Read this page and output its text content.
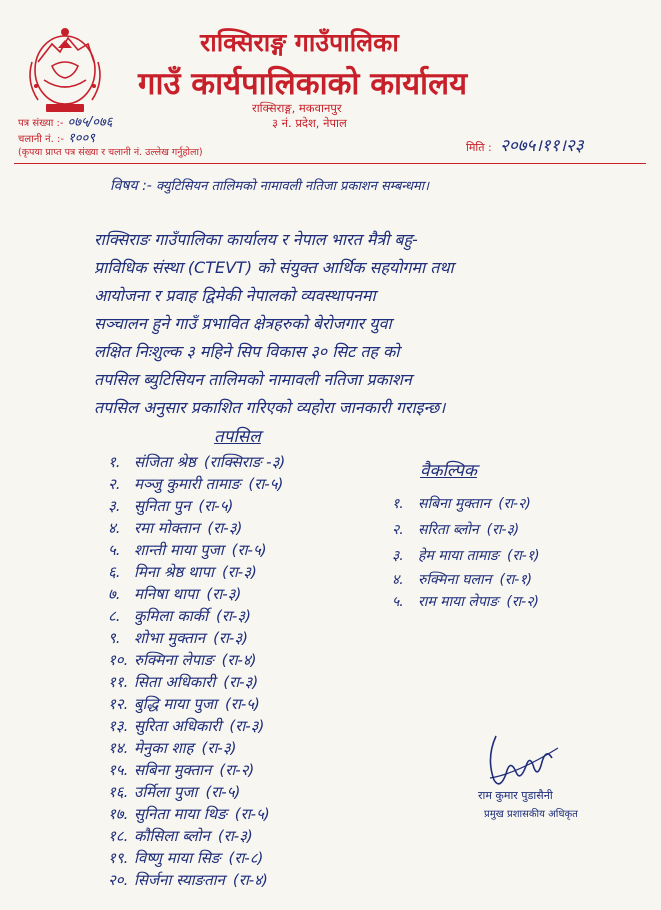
राक्सिराङ्ग गाउँपालिका
गाउँ कार्यपालिकाको कार्यालय
राक्सिराङ्ग, मकवानपुर
३ नं. प्रदेश, नेपाल
पत्र संख्या :- ०७५/०७६
चलानी नं. :- १००९
(कृपया प्राप्त पत्र संख्या र चलानी नं. उल्लेख गर्नुहोला)	मिति : २०७५।११।२३
विषय :- क्युटिसियन तालिमको नामावली नतिजा प्रकाशन सम्बन्धमा।
राक्सिराङ गाउँपालिका कार्यालय र नेपाल भारत मैत्री बहु-
प्राविधिक संस्था (CTEVT) को संयुक्त आर्थिक सहयोगमा तथा
आयोजना र प्रवाह द्विमेकी नेपालको व्यवस्थापनमा
सञ्चालन हुने गाउँ प्रभावित क्षेत्रहरुको बेरोजगार युवा
लक्षित निःशुल्क ३ महिने सिप विकास ३० सिट तह को
तपसिल ब्युटिसियन तालिमको नामावली नतिजा प्रकाशन
तपसिल अनुसार प्रकाशित गरिएको व्यहोरा जानकारी गराइन्छ।
तपसिल
१. संजिता श्रेष्ठ (राक्सिराङ -३)
२. मञ्जु कुमारी तामाङ (रा-५)
३. सुनिता पुन (रा-५)
४. रमा मोक्तान (रा-३)
५. शान्ती माया पुजा (रा-५)
६. मिना श्रेष्ठ थापा (रा-३)
७. मनिषा थापा (रा-३)
८. कुमिला कार्की (रा-३)
९. शोभा मुक्तान (रा-३)
१०. रुक्मिना लेपाङ (रा-४)
११. सिता अधिकारी (रा-३)
१२. बुद्धि माया पुजा (रा-५)
१३. सुरिता अधिकारी (रा-३)
१४. मेनुका शाह (रा-३)
१५. सबिना मुक्तान (रा-२)
१६. उर्मिला पुजा (रा-५)
१७. सुनिता माया थिङ (रा-५)
१८. कौसिला ब्लोन (रा-३)
१९. विष्णु माया सिङ (रा-८)
२०. सिर्जना स्याङतान (रा-४)
वैकल्पिक
१. सबिना मुक्तान (रा-२)
२. सरिता ब्लोन (रा-३)
३. हेम माया तामाङ (रा-१)
४. रुक्मिना घलान (रा-१)
५. राम माया लेपाङ (रा-२)
राम कुमार पुडासैनी
प्रमुख प्रशासकीय अधिकृत
